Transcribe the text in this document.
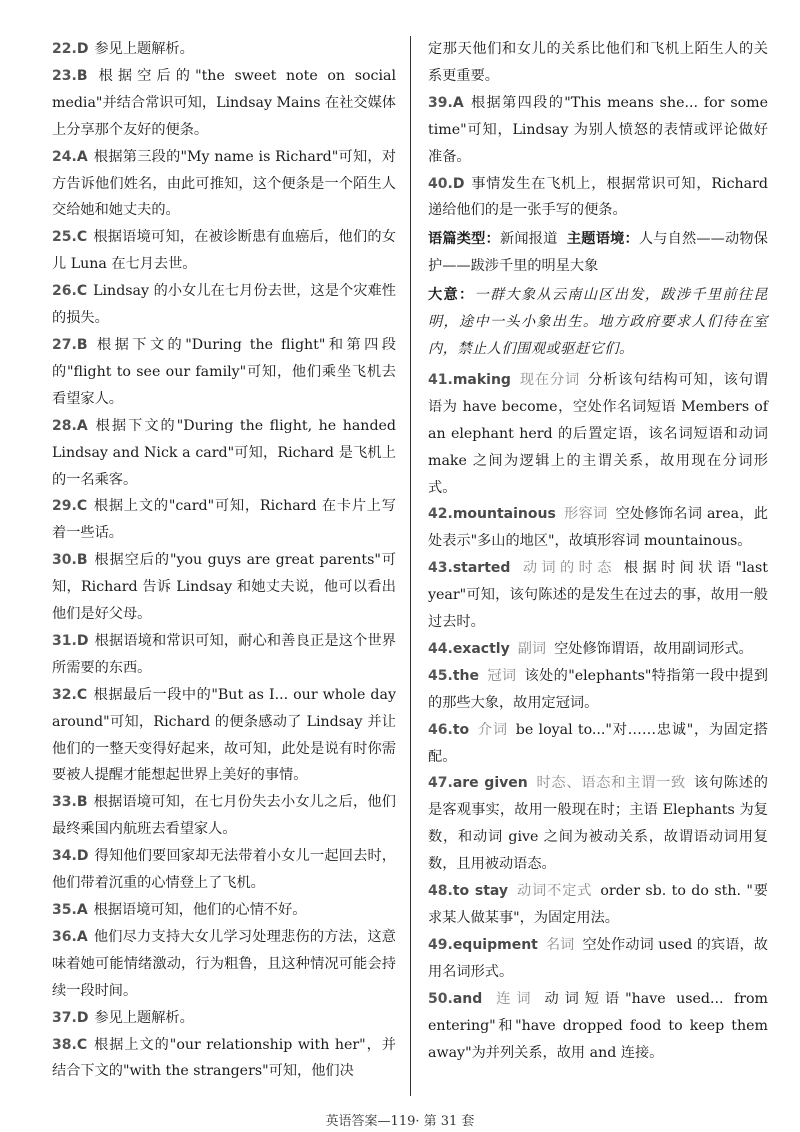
22.D 参见上题解析。

23.B 根据空后的"the sweet note on social media"并结合常识可知，Lindsay Mains 在社交媒体上分享那个友好的便条。

24.A 根据第三段的"My name is Richard"可知，对方告诉他们姓名，由此可推知，这个便条是一个陌生人交给她和她丈夫的。

25.C 根据语境可知，在被诊断患有血癌后，他们的女儿 Luna 在七月去世。

26.C Lindsay 的小女儿在七月份去世，这是个灾难性的损失。

27.B 根据下文的"During the flight"和第四段的"flight to see our family"可知，他们乘坐飞机去看望家人。

28.A 根据下文的"During the flight, he handed Lindsay and Nick a card"可知，Richard 是飞机上的一名乘客。

29.C 根据上文的"card"可知，Richard 在卡片上写着一些话。

30.B 根据空后的"you guys are great parents"可知，Richard 告诉 Lindsay 和她丈夫说，他可以看出他们是好父母。

31.D 根据语境和常识可知，耐心和善良正是这个世界所需要的东西。

32.C 根据最后一段中的"But as I... our whole day around"可知，Richard 的便条感动了 Lindsay 并让他们的一整天变得好起来，故可知，此处是说有时你需要被人提醒才能想起世界上美好的事情。

33.B 根据语境可知，在七月份失去小女儿之后，他们最终乘国内航班去看望家人。

34.D 得知他们要回家却无法带着小女儿一起回去时，他们带着沉重的心情登上了飞机。

35.A 根据语境可知，他们的心情不好。

36.A 他们尽力支持大女儿学习处理悲伤的方法，这意味着她可能情绪激动，行为粗鲁，且这种情况可能会持续一段时间。

37.D 参见上题解析。

38.C 根据上文的"our relationship with her"，并结合下文的"with the strangers"可知，他们决

定那天他们和女儿的关系比他们和飞机上陌生人的关系更重要。

39.A 根据第四段的"This means she... for some time"可知，Lindsay 为别人愤怒的表情或评论做好准备。

40.D 事情发生在飞机上，根据常识可知，Richard 递给他们的是一张手写的便条。

语篇类型：新闻报道 主题语境：人与自然——动物保护——跋涉千里的明星大象

大意：一群大象从云南山区出发，跋涉千里前往昆明，途中一头小象出生。地方政府要求人们待在室内，禁止人们围观或驱赶它们。

41.making 现在分词 分析该句结构可知，该句谓语为 have become，空处作名词短语 Members of an elephant herd 的后置定语，该名词短语和动词 make 之间为逻辑上的主谓关系，故用现在分词形式。

42.mountainous 形容词 空处修饰名词 area，此处表示"多山的地区"，故填形容词 mountainous。

43.started 动词的时态 根据时间状语"last year"可知，该句陈述的是发生在过去的事，故用一般过去时。

44.exactly 副词 空处修饰谓语，故用副词形式。

45.the 冠词 该处的"elephants"特指第一段中提到的那些大象，故用定冠词。

46.to 介词 be loyal to..."对……忠诚"，为固定搭配。

47.are given 时态、语态和主谓一致 该句陈述的是客观事实，故用一般现在时；主语 Elephants 为复数，和动词 give 之间为被动关系，故谓语动词用复数，且用被动语态。

48.to stay 动词不定式 order sb. to do sth. "要求某人做某事"，为固定用法。

49.equipment 名词 空处作动词 used 的宾语，故用名词形式。

50.and 连词 动词短语"have used... from entering"和"have dropped food to keep them away"为并列关系，故用 and 连接。

英语答案—119· 第 31 套
